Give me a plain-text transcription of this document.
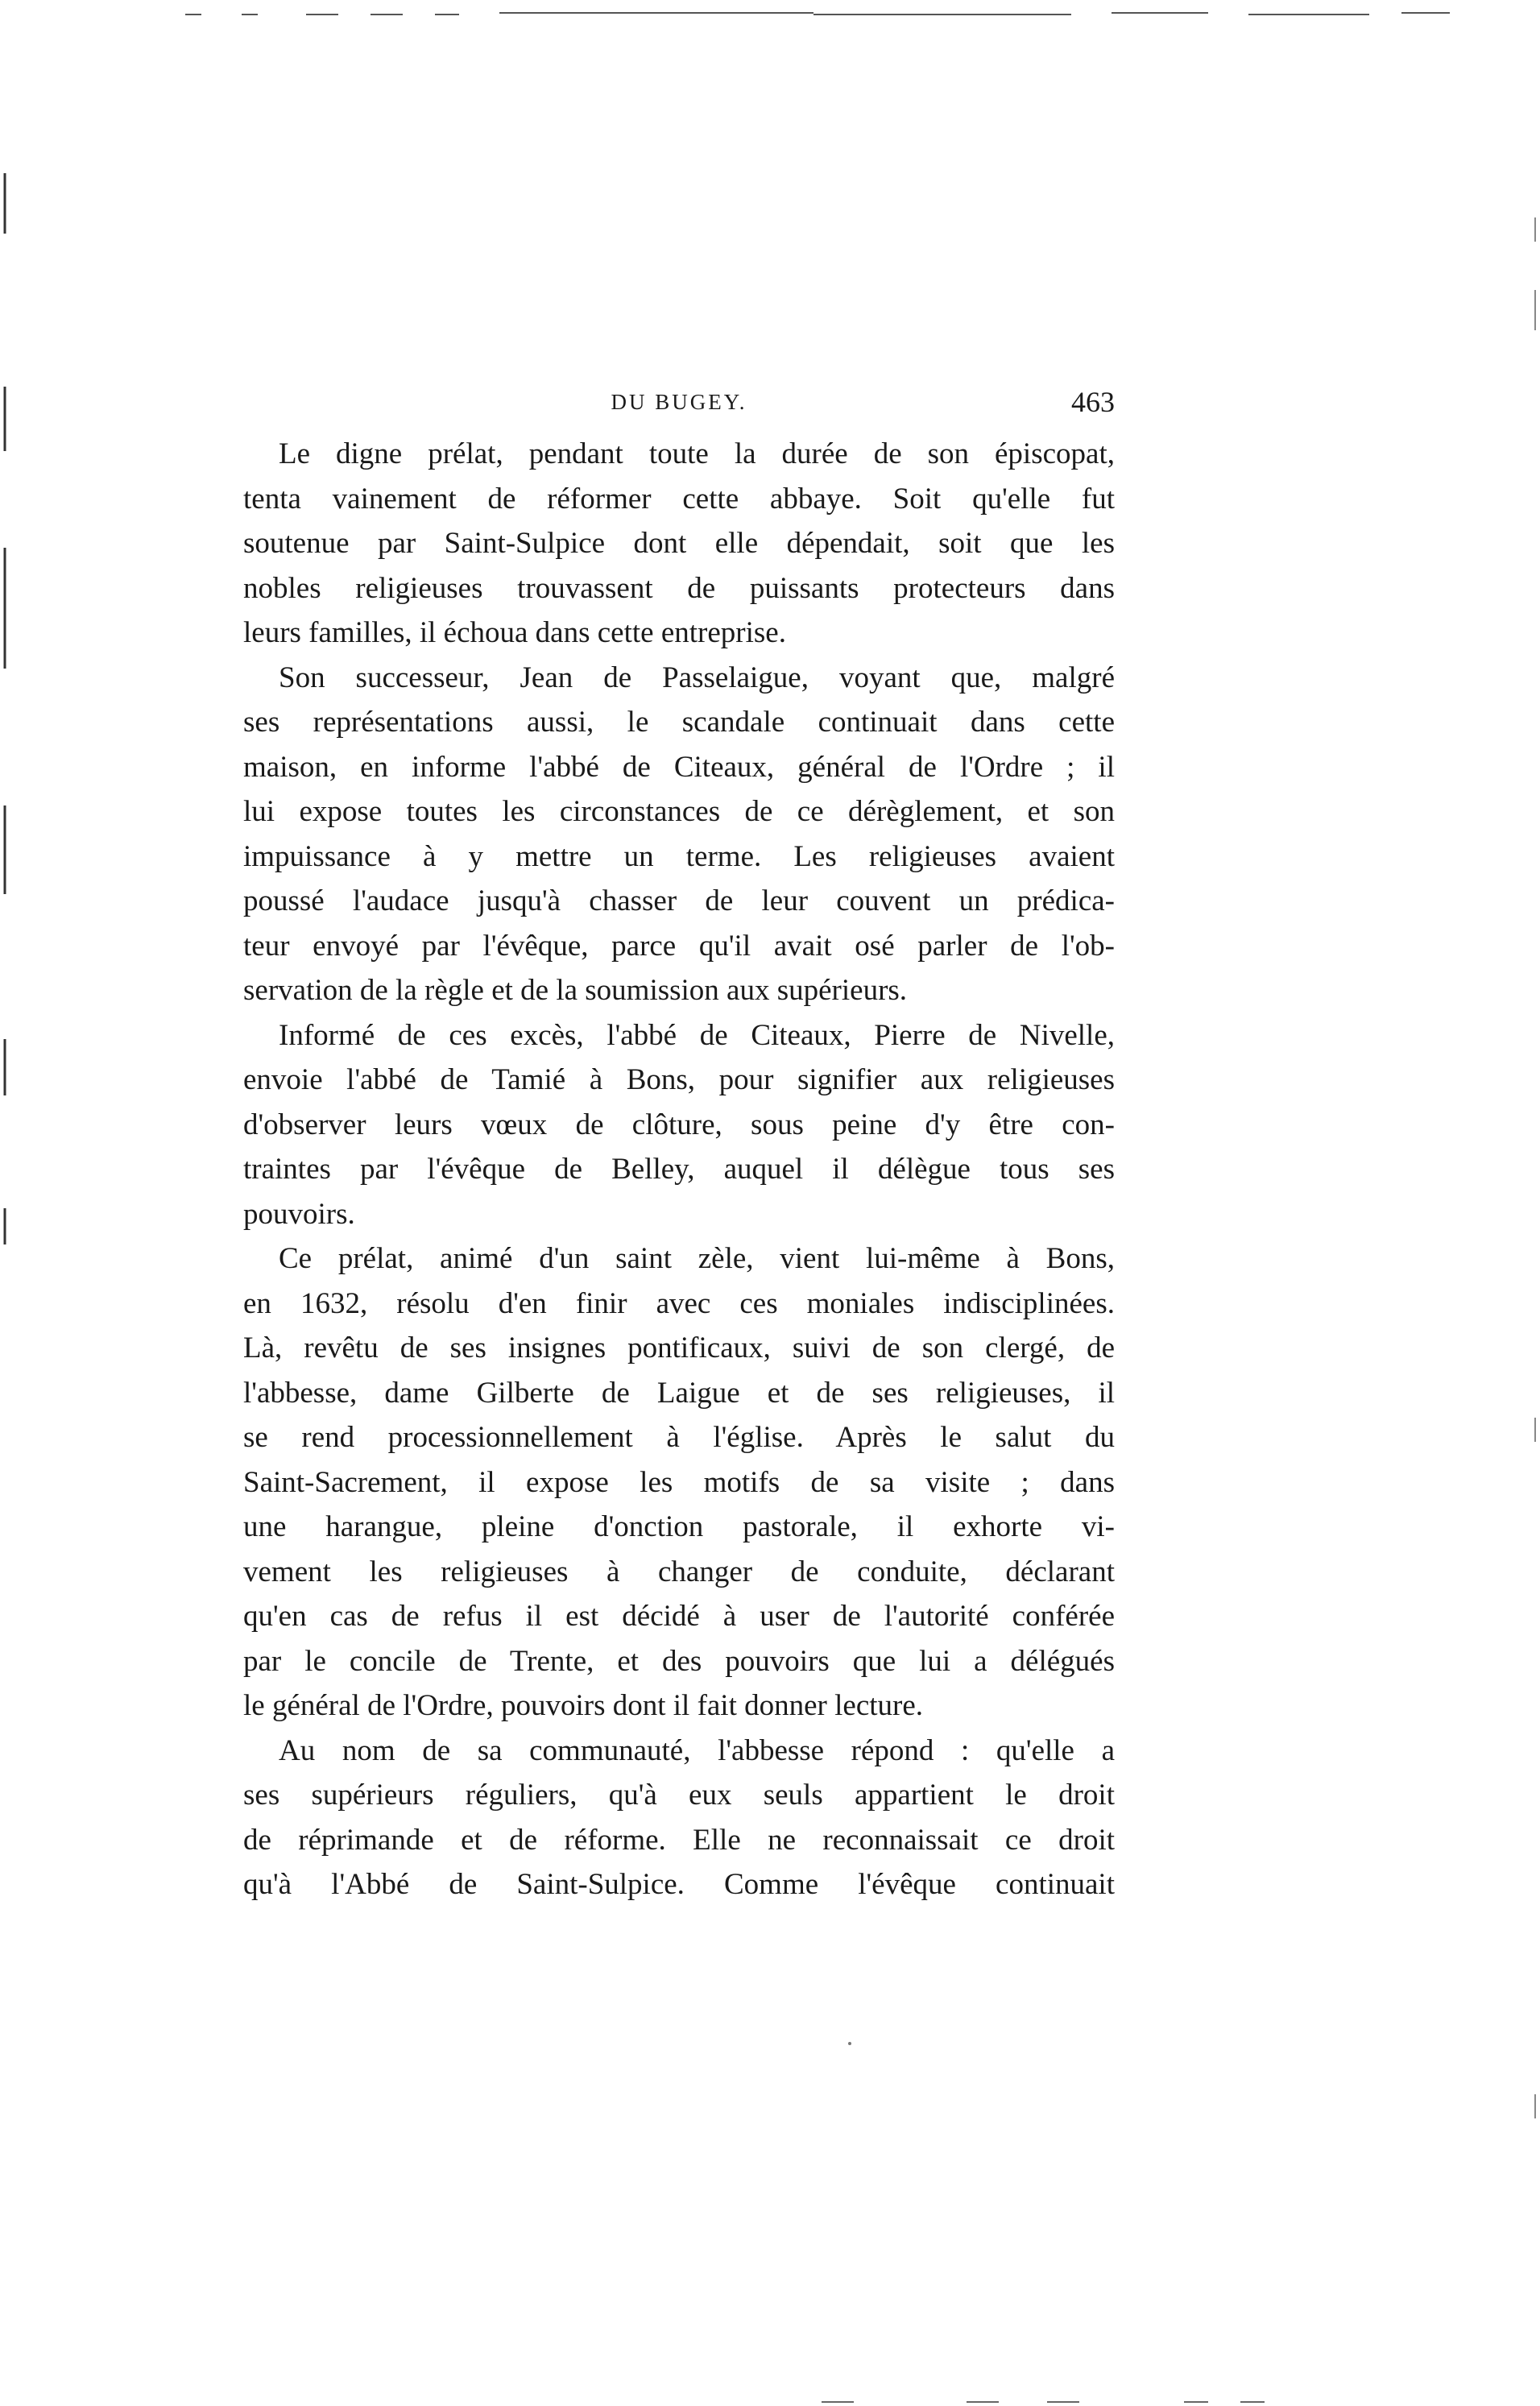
DU BUGEY.	463
Le digne prélat, pendant toute la durée de son épiscopat,
tenta vainement de réformer cette abbaye. Soit qu'elle fut
soutenue par Saint-Sulpice dont elle dépendait, soit que les
nobles religieuses trouvassent de puissants protecteurs dans
leurs familles, il échoua dans cette entreprise.
Son successeur, Jean de Passelaigue, voyant que, malgré
ses représentations aussi, le scandale continuait dans cette
maison, en informe l'abbé de Citeaux, général de l'Ordre ; il
lui expose toutes les circonstances de ce dérèglement, et son
impuissance à y mettre un terme. Les religieuses avaient
poussé l'audace jusqu'à chasser de leur couvent un prédica-
teur envoyé par l'évêque, parce qu'il avait osé parler de l'ob-
servation de la règle et de la soumission aux supérieurs.
Informé de ces excès, l'abbé de Citeaux, Pierre de Nivelle,
envoie l'abbé de Tamié à Bons, pour signifier aux religieuses
d'observer leurs vœux de clôture, sous peine d'y être con-
traintes par l'évêque de Belley, auquel il délègue tous ses
pouvoirs.
Ce prélat, animé d'un saint zèle, vient lui-même à Bons,
en 1632, résolu d'en finir avec ces moniales indisciplinées.
Là, revêtu de ses insignes pontificaux, suivi de son clergé, de
l'abbesse, dame Gilberte de Laigue et de ses religieuses, il
se rend processionnellement à l'église. Après le salut du
Saint-Sacrement, il expose les motifs de sa visite ; dans
une harangue, pleine d'onction pastorale, il exhorte vi-
vement les religieuses à changer de conduite, déclarant
qu'en cas de refus il est décidé à user de l'autorité conférée
par le concile de Trente, et des pouvoirs que lui a délégués
le général de l'Ordre, pouvoirs dont il fait donner lecture.
Au nom de sa communauté, l'abbesse répond : qu'elle a
ses supérieurs réguliers, qu'à eux seuls appartient le droit
de réprimande et de réforme. Elle ne reconnaissait ce droit
qu'à l'Abbé de Saint-Sulpice. Comme l'évêque continuait
